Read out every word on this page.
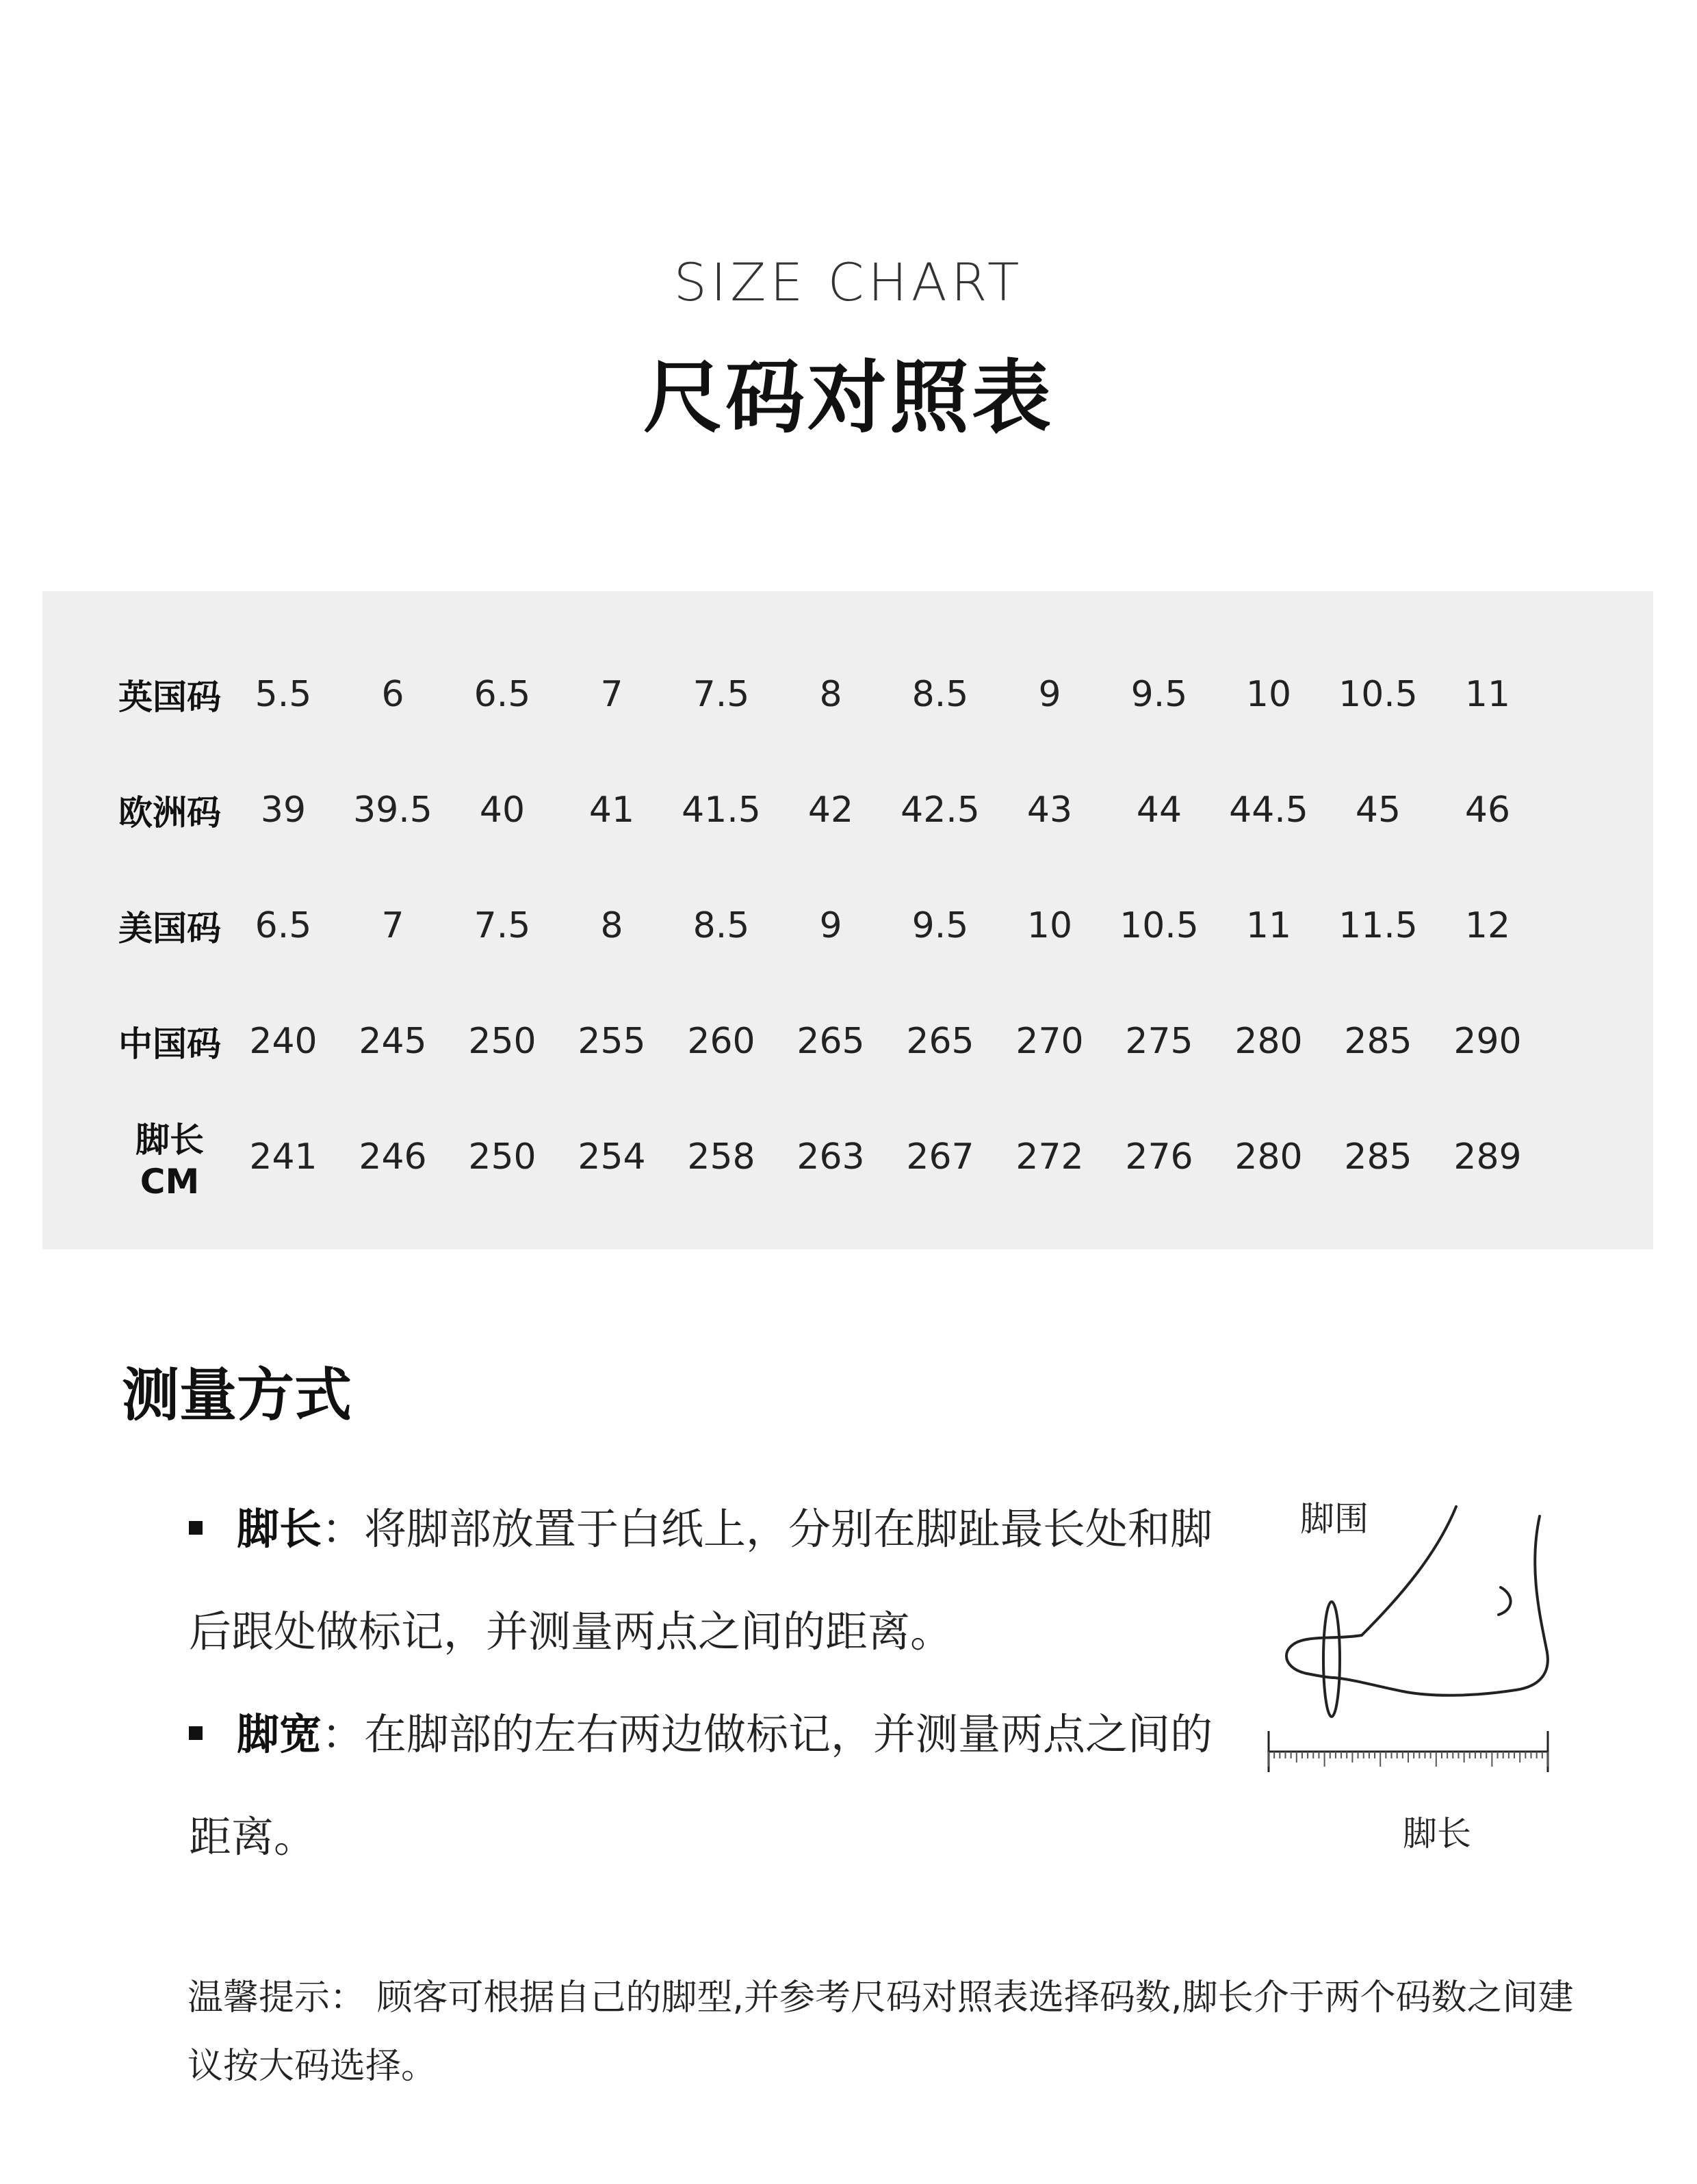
SIZE CHART
尺码对照表
英国码	5.5	6	6.5	7	7.5	8	8.5	9	9.5	10	10.5	11
欧洲码	39	39.5	40	41	41.5	42	42.5	43	44	44.5	45	46
美国码	6.5	7	7.5	8	8.5	9	9.5	10	10.5	11	11.5	12
中国码	240	245	250	255	260	265	265	270	275	280	285	290
脚长CM	241	246	250	254	258	263	267	272	276	280	285	289
测量方式
脚长：将脚部放置于白纸上，分别在脚趾最长处和脚后跟处做标记，并测量两点之间的距离。
脚宽：在脚部的左右两边做标记，并测量两点之间的距离。
脚围
脚长
温馨提示： 顾客可根据自己的脚型,并参考尺码对照表选择码数,脚长介于两个码数之间建议按大码选择。
